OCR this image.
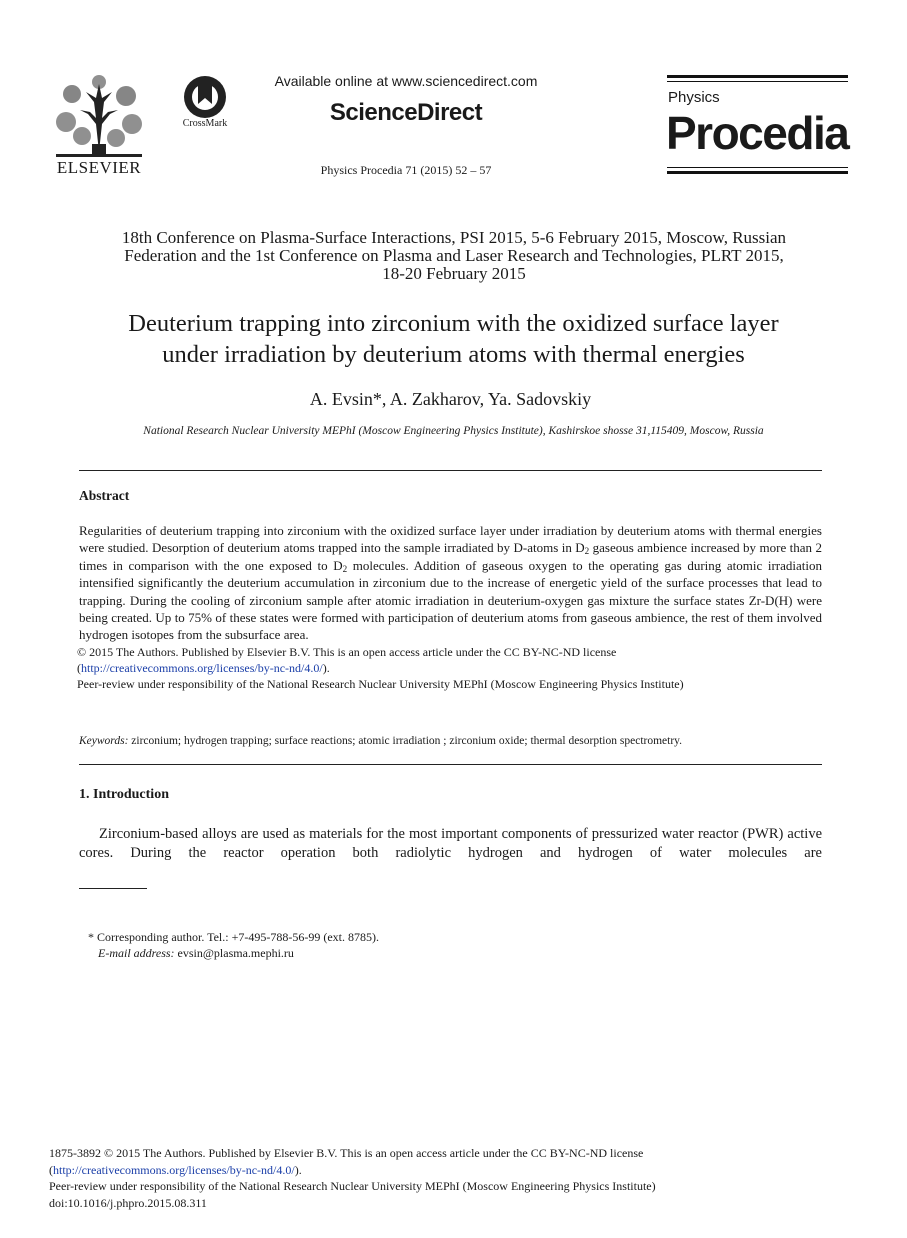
ELSEVIER
CrossMark
Available online at www.sciencedirect.com
ScienceDirect
Physics Procedia 71 (2015) 52 – 57
Physics
Procedia
18th Conference on Plasma-Surface Interactions, PSI 2015, 5-6 February 2015, Moscow, Russian
Federation and the 1st Conference on Plasma and Laser Research and Technologies, PLRT 2015,
18-20 February 2015
Deuterium trapping into zirconium with the oxidized surface layer
under irradiation by deuterium atoms with thermal energies
A. Evsin*, A. Zakharov, Ya. Sadovskiy
National Research Nuclear University MEPhI (Moscow Engineering Physics Institute), Kashirskoe shosse 31,115409, Moscow, Russia
Abstract
Regularities of deuterium trapping into zirconium with the oxidized surface layer under irradiation by deuterium atoms with thermal energies were studied. Desorption of deuterium atoms trapped into the sample irradiated by D-atoms in $D_2$ gaseous ambience increased by more than 2 times in comparison with the one exposed to $D_2$ molecules. Addition of gaseous oxygen to the operating gas during atomic irradiation intensified significantly the deuterium accumulation in zirconium due to the increase of energetic yield of the surface processes that lead to trapping. During the cooling of zirconium sample after atomic irradiation in deuterium-oxygen gas mixture the surface states Zr-D(H) were being created. Up to 75% of these states were formed with participation of deuterium atoms from gaseous ambience, the rest of them involved hydrogen isotopes from the subsurface area.
© 2015 The Authors. Published by Elsevier B.V. This is an open access article under the CC BY-NC-ND license
(http://creativecommons.org/licenses/by-nc-nd/4.0/).
Peer-review under responsibility of the National Research Nuclear University MEPhI (Moscow Engineering Physics Institute)
Keywords: zirconium; hydrogen trapping; surface reactions; atomic irradiation ; zirconium oxide; thermal desorption spectrometry.
1. Introduction
Zirconium-based alloys are used as materials for the most important components of pressurized water reactor (PWR) active cores. During the reactor operation both radiolytic hydrogen and hydrogen of water molecules are
* Corresponding author. Tel.: +7-495-788-56-99 (ext. 8785).
E-mail address: evsin@plasma.mephi.ru
1875-3892 © 2015 The Authors. Published by Elsevier B.V. This is an open access article under the CC BY-NC-ND license
(http://creativecommons.org/licenses/by-nc-nd/4.0/).
Peer-review under responsibility of the National Research Nuclear University MEPhI (Moscow Engineering Physics Institute)
doi:10.1016/j.phpro.2015.08.311
